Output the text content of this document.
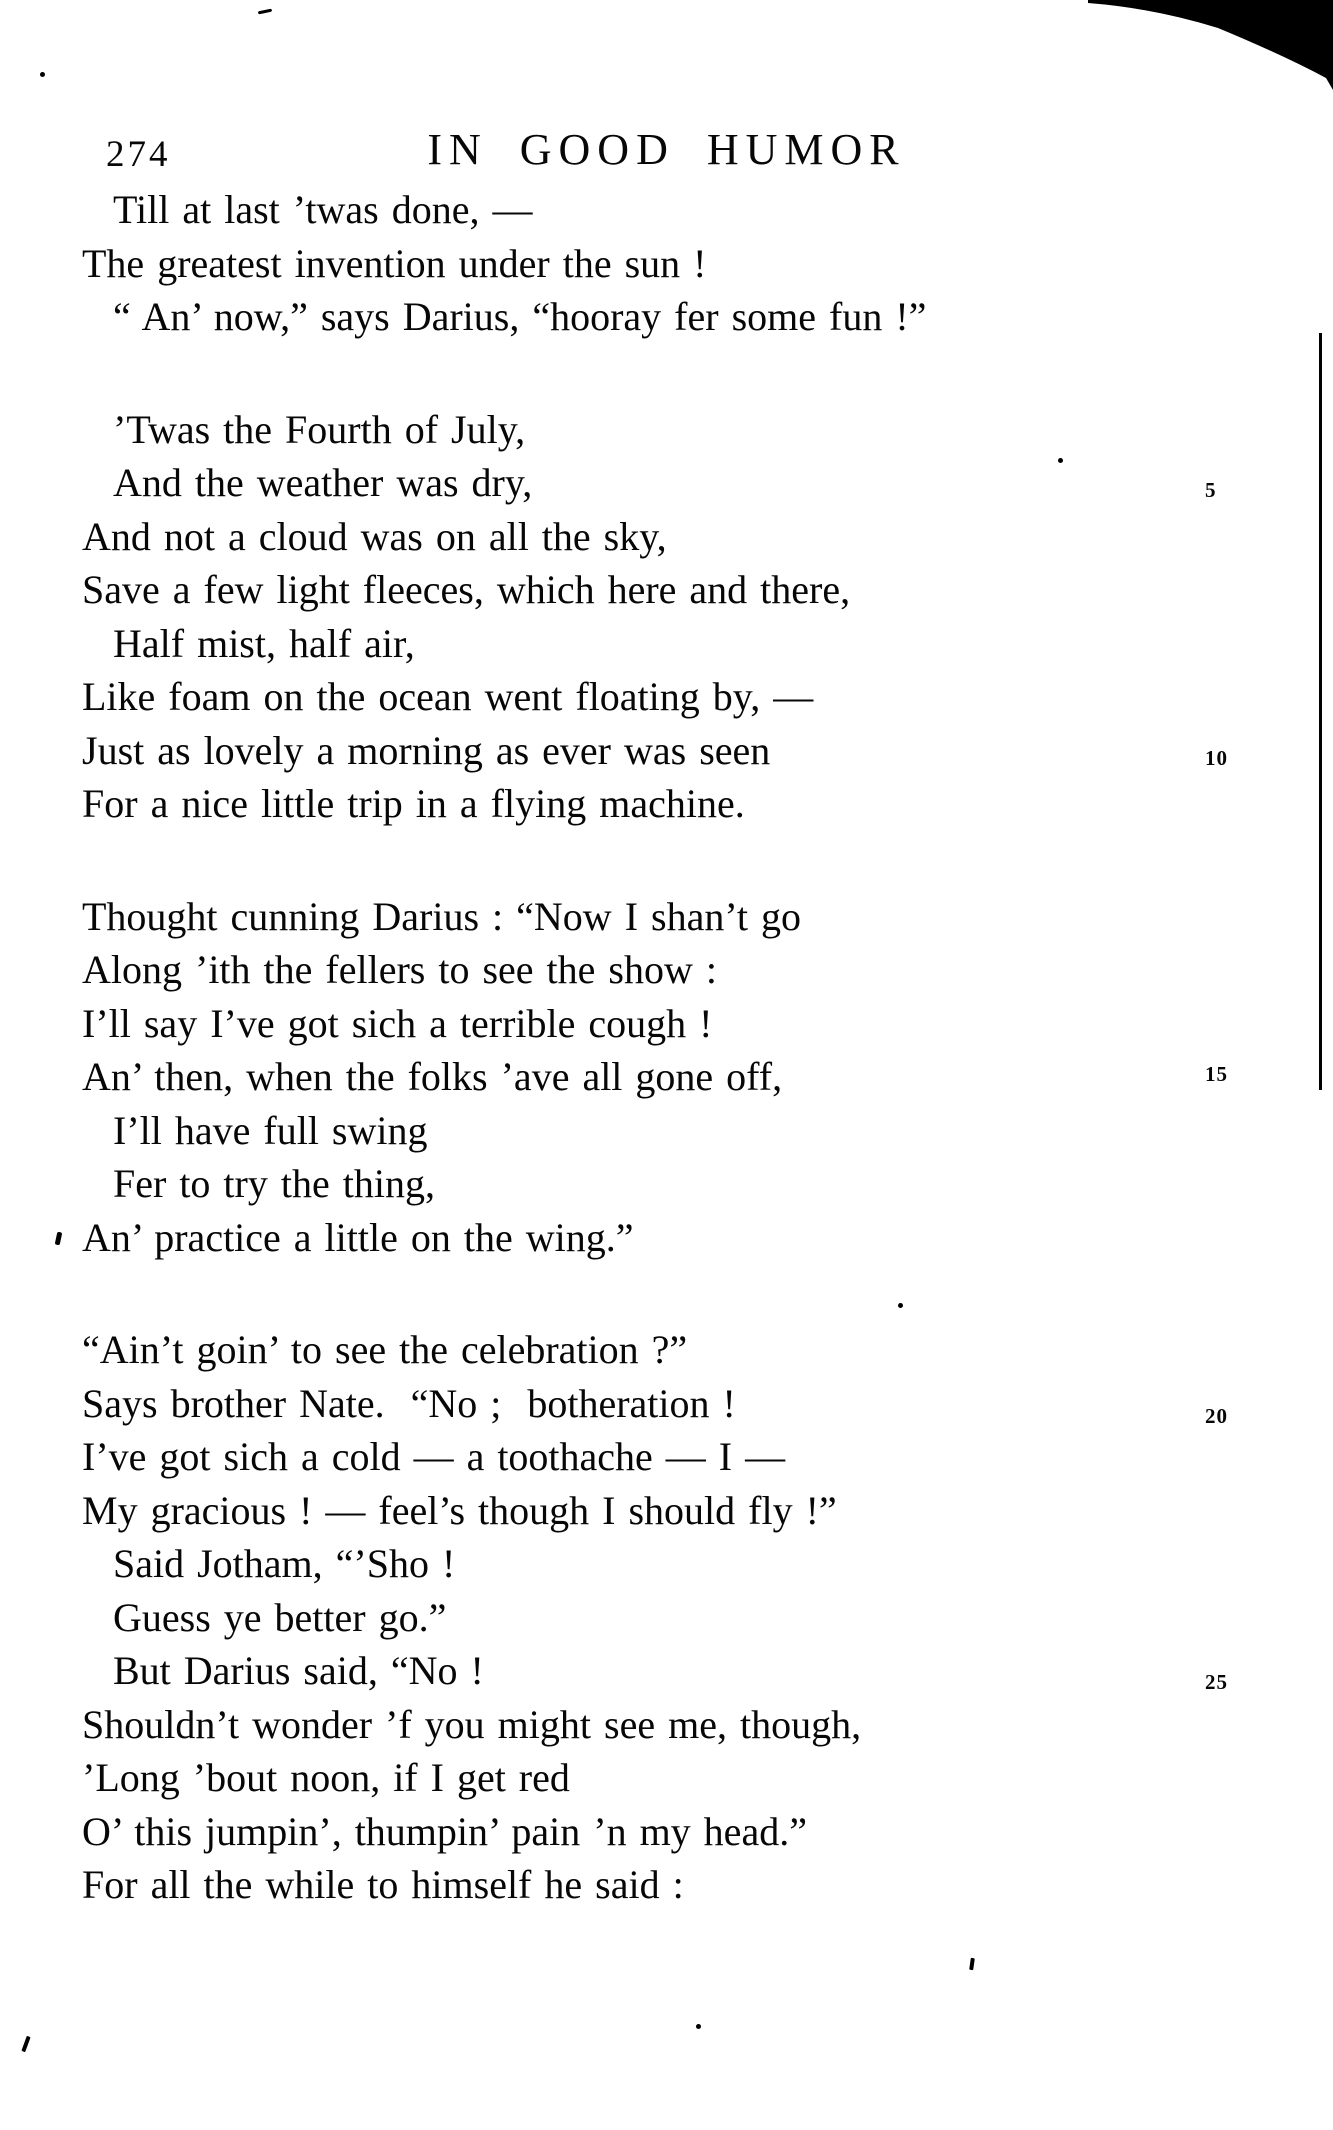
274	IN GOOD HUMOR
Till at last ’twas done, —
The greatest invention under the sun !
“ An’ now,” says Darius, “hooray fer some fun !”
’Twas the Fourth of July,
And the weather was dry,
And not a cloud was on all the sky,
Save a few light fleeces, which here and there,
Half mist, half air,
Like foam on the ocean went floating by, —
Just as lovely a morning as ever was seen
For a nice little trip in a flying machine.
Thought cunning Darius : “Now I shan’t go
Along ’ith the fellers to see the show :
I’ll say I’ve got sich a terrible cough !
An’ then, when the folks ’ave all gone off,
I’ll have full swing
Fer to try the thing,
An’ practice a little on the wing.”
“Ain’t goin’ to see the celebration ?”
Says brother Nate.  “No ;  botheration !
I’ve got sich a cold — a toothache — I —
My gracious ! — feel’s though I should fly !”
Said Jotham, “’Sho !
Guess ye better go.”
But Darius said, “No !
Shouldn’t wonder ’f you might see me, though,
’Long ’bout noon, if I get red
O’ this jumpin’, thumpin’ pain ’n my head.”
For all the while to himself he said :
5
10
15
20
25
